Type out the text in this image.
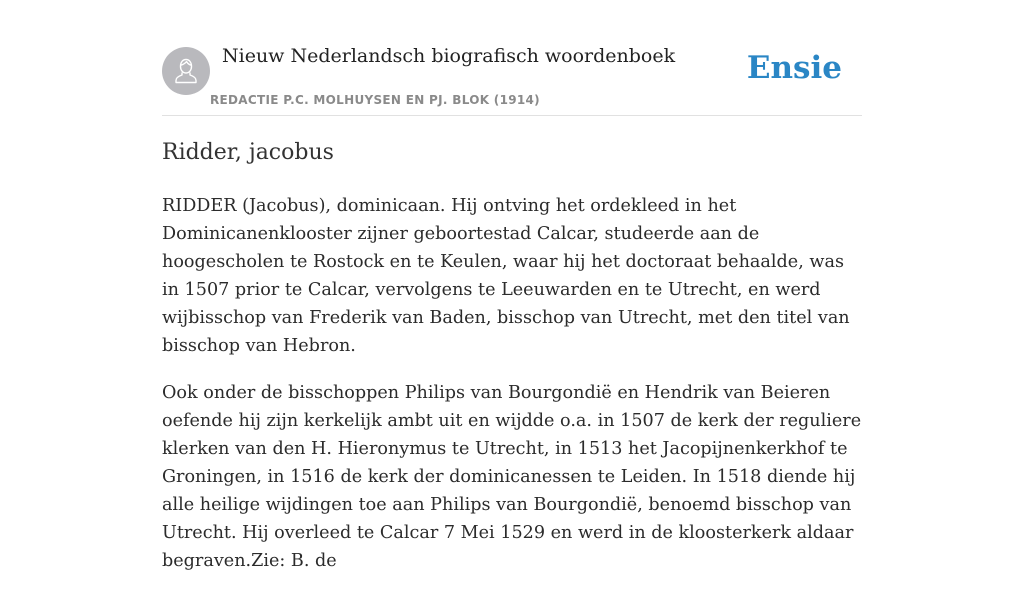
Nieuw Nederlandsch biografisch woordenboek
REDACTIE P.C. MOLHUYSEN EN PJ. BLOK (1914)
Ensie
Ridder, jacobus

RIDDER (Jacobus), dominicaan. Hij ontving het ordekleed in het Dominicanenklooster zijner geboortestad Calcar, studeerde aan de hoogescholen te Rostock en te Keulen, waar hij het doctoraat behaalde, was in 1507 prior te Calcar, vervolgens te Leeuwarden en te Utrecht, en werd wijbisschop van Frederik van Baden, bisschop van Utrecht, met den titel van bisschop van Hebron.

Ook onder de bisschoppen Philips van Bourgondië en Hendrik van Beieren oefende hij zijn kerkelijk ambt uit en wijdde o.a. in 1507 de kerk der reguliere klerken van den H. Hieronymus te Utrecht, in 1513 het Jacopijnenkerkhof te Groningen, in 1516 de kerk der dominicanessen te Leiden. In 1518 diende hij alle heilige wijdingen toe aan Philips van Bourgondië, benoemd bisschop van Utrecht. Hij overleed te Calcar 7 Mei 1529 en werd in de kloosterkerk aldaar begraven.Zie: B. de
